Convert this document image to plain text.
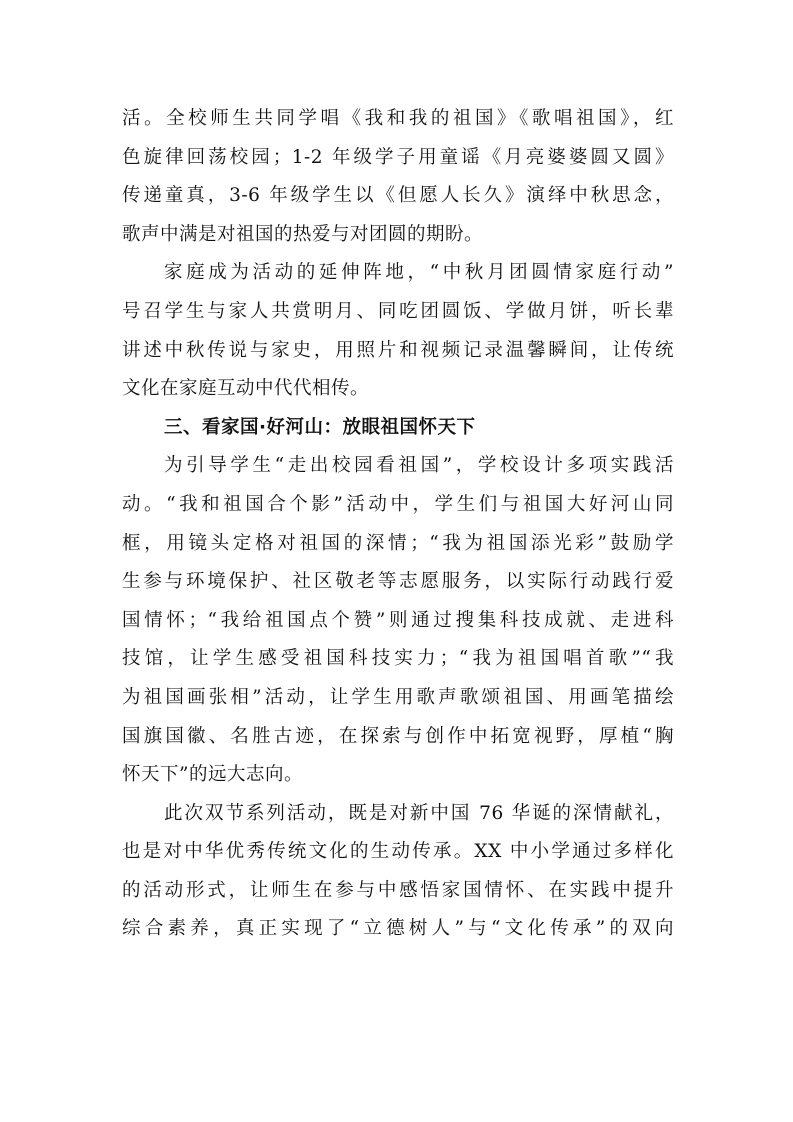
活。全校师生共同学唱《我和我的祖国》《歌唱祖国》，红
色旋律回荡校园；1-2 年级学子用童谣《月亮婆婆圆又圆》
传递童真，3-6 年级学生以《但愿人长久》演绎中秋思念，
歌声中满是对祖国的热爱与对团圆的期盼。
家庭成为活动的延伸阵地，“中秋月团圆情家庭行动”
号召学生与家人共赏明月、同吃团圆饭、学做月饼，听长辈
讲述中秋传说与家史，用照片和视频记录温馨瞬间，让传统
文化在家庭互动中代代相传。
三、看家国·好河山：放眼祖国怀天下
为引导学生“走出校园看祖国”，学校设计多项实践活
动。“我和祖国合个影”活动中，学生们与祖国大好河山同
框，用镜头定格对祖国的深情；“我为祖国添光彩”鼓励学
生参与环境保护、社区敬老等志愿服务，以实际行动践行爱
国情怀；“我给祖国点个赞”则通过搜集科技成就、走进科
技馆，让学生感受祖国科技实力；“我为祖国唱首歌”“我
为祖国画张相”活动，让学生用歌声歌颂祖国、用画笔描绘
国旗国徽、名胜古迹，在探索与创作中拓宽视野，厚植“胸
怀天下”的远大志向。
此次双节系列活动，既是对新中国 76 华诞的深情献礼，
也是对中华优秀传统文化的生动传承。XX 中小学通过多样化
的活动形式，让师生在参与中感悟家国情怀、在实践中提升
综合素养，真正实现了“立德树人”与“文化传承”的双向
